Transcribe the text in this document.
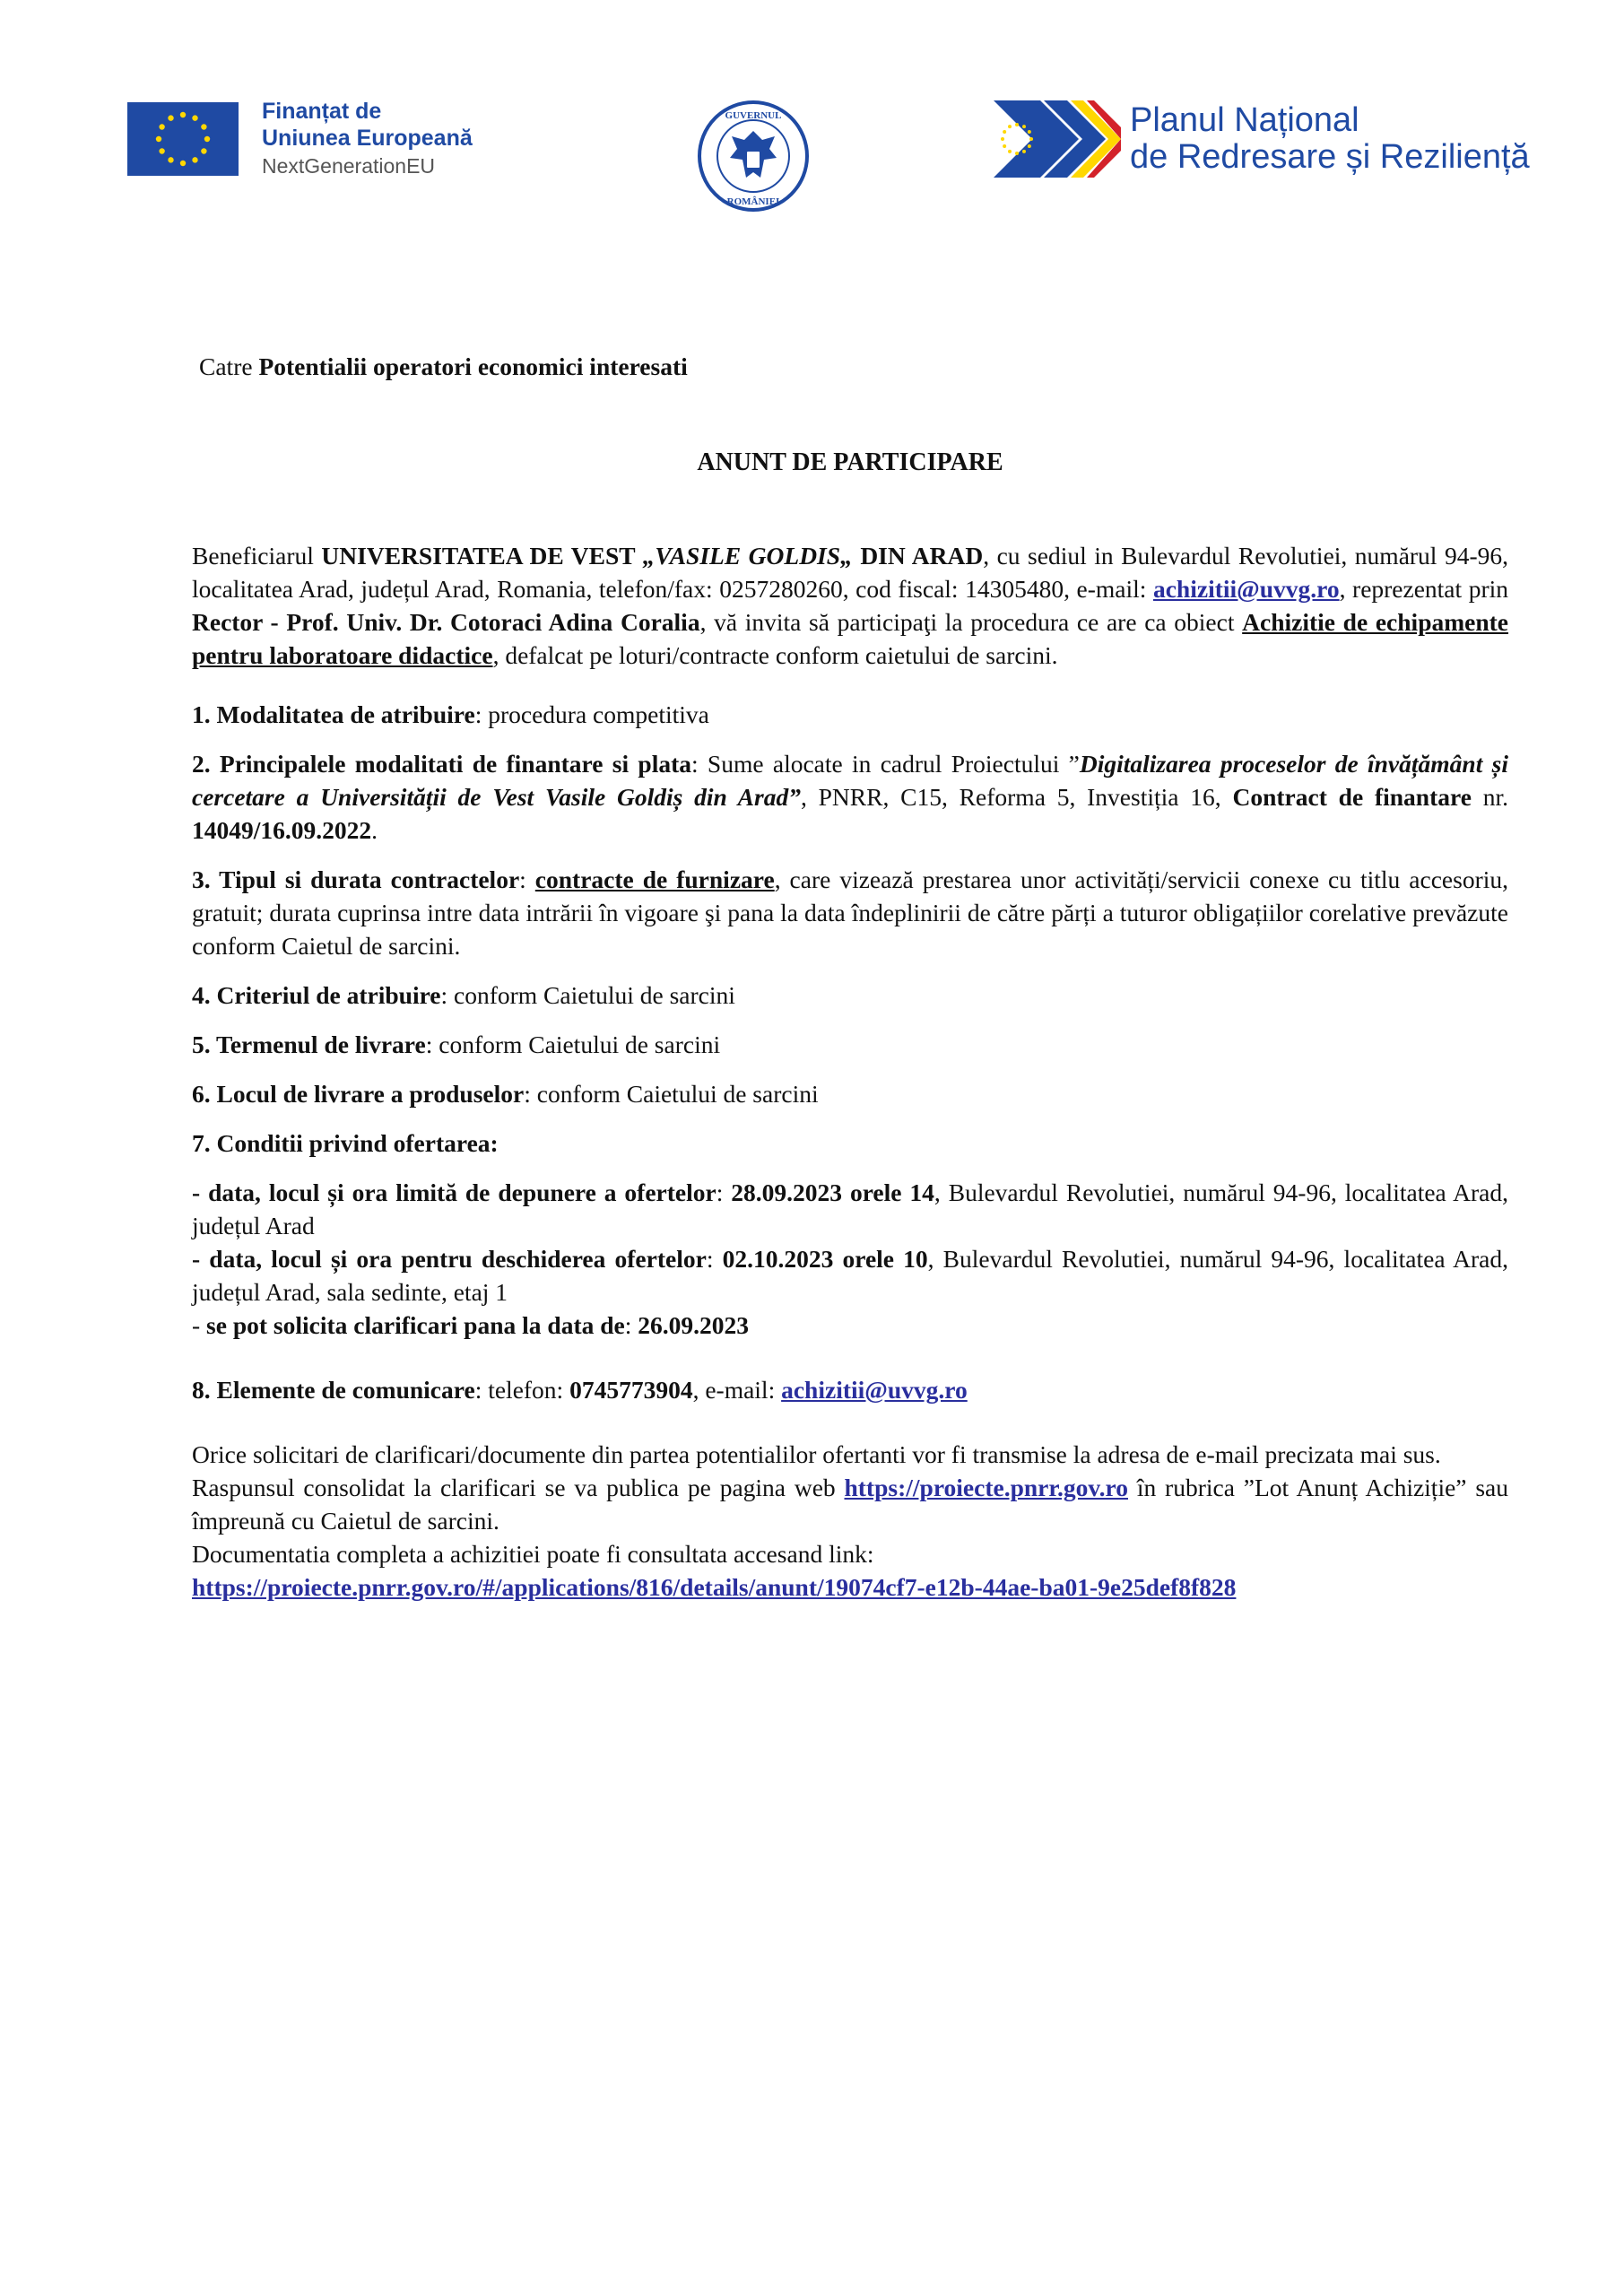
Finanțat de
Uniunea Europeană
NextGenerationEU
GUVERNUL
ROMÂNIEI
Planul Național
de Redresare și Reziliență

Catre Potentialii operatori economici interesati

ANUNT DE PARTICIPARE

Beneficiarul UNIVERSITATEA DE VEST „VASILE GOLDIS„ DIN ARAD, cu sediul in Bulevardul Revolutiei, numărul 94-96, localitatea Arad, județul Arad, Romania, telefon/fax: 0257280260, cod fiscal: 14305480, e-mail: achizitii@uvvg.ro, reprezentat prin Rector - Prof. Univ. Dr. Cotoraci Adina Coralia, vă invita să participaţi la procedura ce are ca obiect Achizitie de echipamente pentru laboratoare didactice, defalcat pe loturi/contracte conform caietului de sarcini.

1. Modalitatea de atribuire: procedura competitiva

2. Principalele modalitati de finantare si plata: Sume alocate in cadrul Proiectului ”Digitalizarea proceselor de învățământ și cercetare a Universității de Vest Vasile Goldiș din Arad”, PNRR, C15, Reforma 5, Investiția 16, Contract de finantare nr. 14049/16.09.2022.

3. Tipul si durata contractelor: contracte de furnizare, care vizează prestarea unor activități/servicii conexe cu titlu accesoriu, gratuit; durata cuprinsa intre data intrării în vigoare şi pana la data îndeplinirii de către părți a tuturor obligațiilor corelative prevăzute conform Caietul de sarcini.

4. Criteriul de atribuire: conform Caietului de sarcini

5. Termenul de livrare: conform Caietului de sarcini

6. Locul de livrare a produselor: conform Caietului de sarcini

7. Conditii privind ofertarea:

- data, locul și ora limită de depunere a ofertelor: 28.09.2023 orele 14, Bulevardul Revolutiei, numărul 94-96, localitatea Arad, județul Arad

- data, locul și ora pentru deschiderea ofertelor: 02.10.2023 orele 10, Bulevardul Revolutiei, numărul 94-96, localitatea Arad, județul Arad, sala sedinte, etaj 1

- se pot solicita clarificari pana la data de: 26.09.2023

8. Elemente de comunicare: telefon: 0745773904, e-mail: achizitii@uvvg.ro

Orice solicitari de clarificari/documente din partea potentialilor ofertanti vor fi transmise la adresa de e-mail precizata mai sus.

Raspunsul consolidat la clarificari se va publica pe pagina web https://proiecte.pnrr.gov.ro în rubrica ”Lot Anunț Achiziție” sau împreună cu Caietul de sarcini.

Documentatia completa a achizitiei poate fi consultata accesand link:

https://proiecte.pnrr.gov.ro/#/applications/816/details/anunt/19074cf7-e12b-44ae-ba01-9e25def8f828
